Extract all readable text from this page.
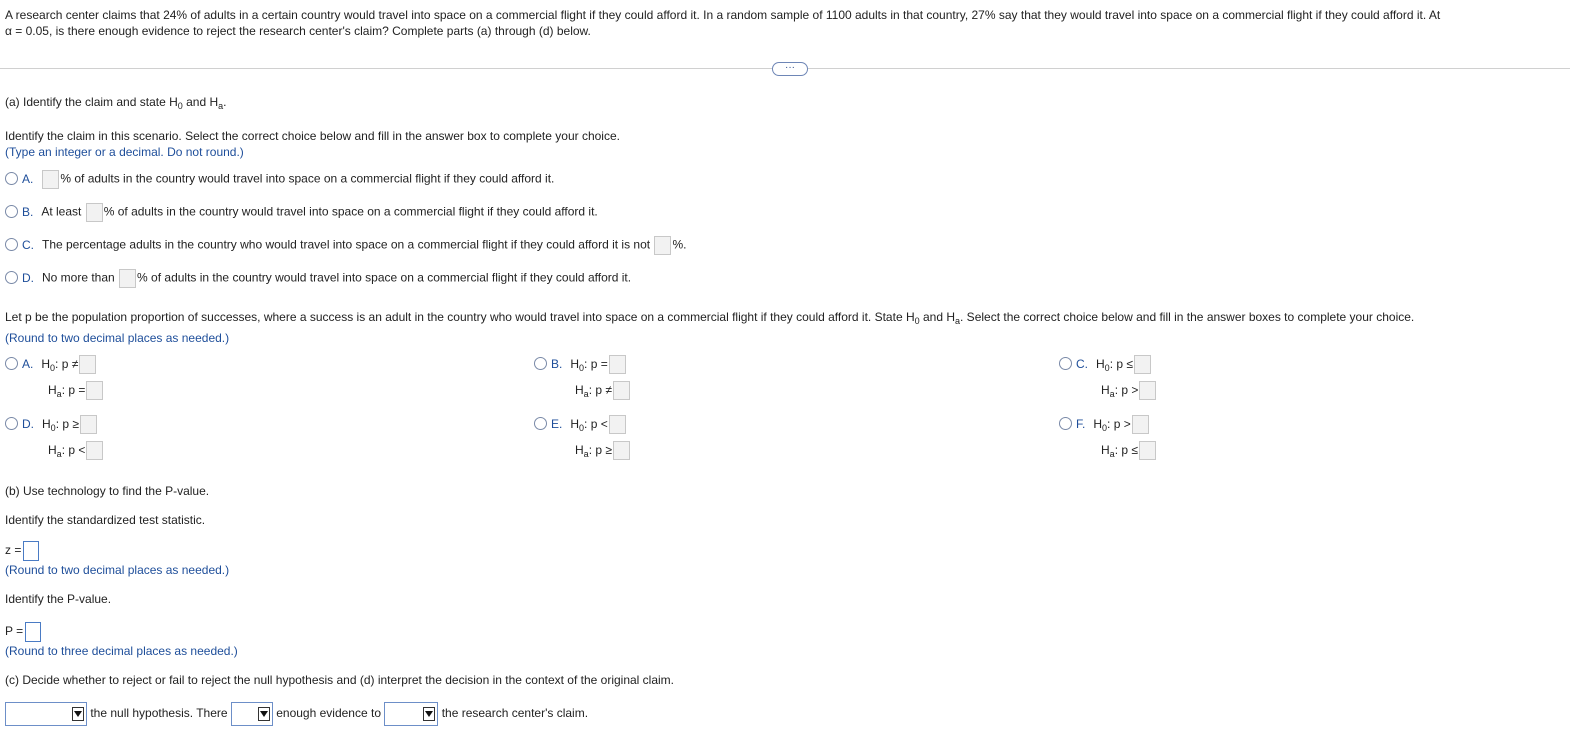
A research center claims that 24% of adults in a certain country would travel into space on a commercial flight if they could afford it. In a random sample of 1100 adults in that country, 27% say that they would travel into space on a commercial flight if they could afford it. At
α = 0.05, is there enough evidence to reject the research center's claim? Complete parts (a) through (d) below.
···
(a) Identify the claim and state $H_0$ and $H_a$.
Identify the claim in this scenario. Select the correct choice below and fill in the answer box to complete your choice.
(Type an integer or a decimal. Do not round.)
A. % of adults in the country would travel into space on a commercial flight if they could afford it.
B. At least % of adults in the country would travel into space on a commercial flight if they could afford it.
C. The percentage adults in the country who would travel into space on a commercial flight if they could afford it is not %.
D. No more than % of adults in the country would travel into space on a commercial flight if they could afford it.
Let p be the population proportion of successes, where a success is an adult in the country who would travel into space on a commercial flight if they could afford it. State $H_0$ and $H_a$. Select the correct choice below and fill in the answer boxes to complete your choice.
(Round to two decimal places as needed.)
A. $H_0$: p ≠
$H_a$: p =
B. $H_0$: p =
$H_a$: p ≠
C. $H_0$: p ≤
$H_a$: p >
D. $H_0$: p ≥
$H_a$: p <
E. $H_0$: p <
$H_a$: p ≥
F. $H_0$: p >
$H_a$: p ≤
(b) Use technology to find the P-value.
Identify the standardized test statistic.
z =
(Round to two decimal places as needed.)
Identify the P-value.
P =
(Round to three decimal places as needed.)
(c) Decide whether to reject or fail to reject the null hypothesis and (d) interpret the decision in the context of the original claim.
the null hypothesis. There	enough evidence to	the research center's claim.
